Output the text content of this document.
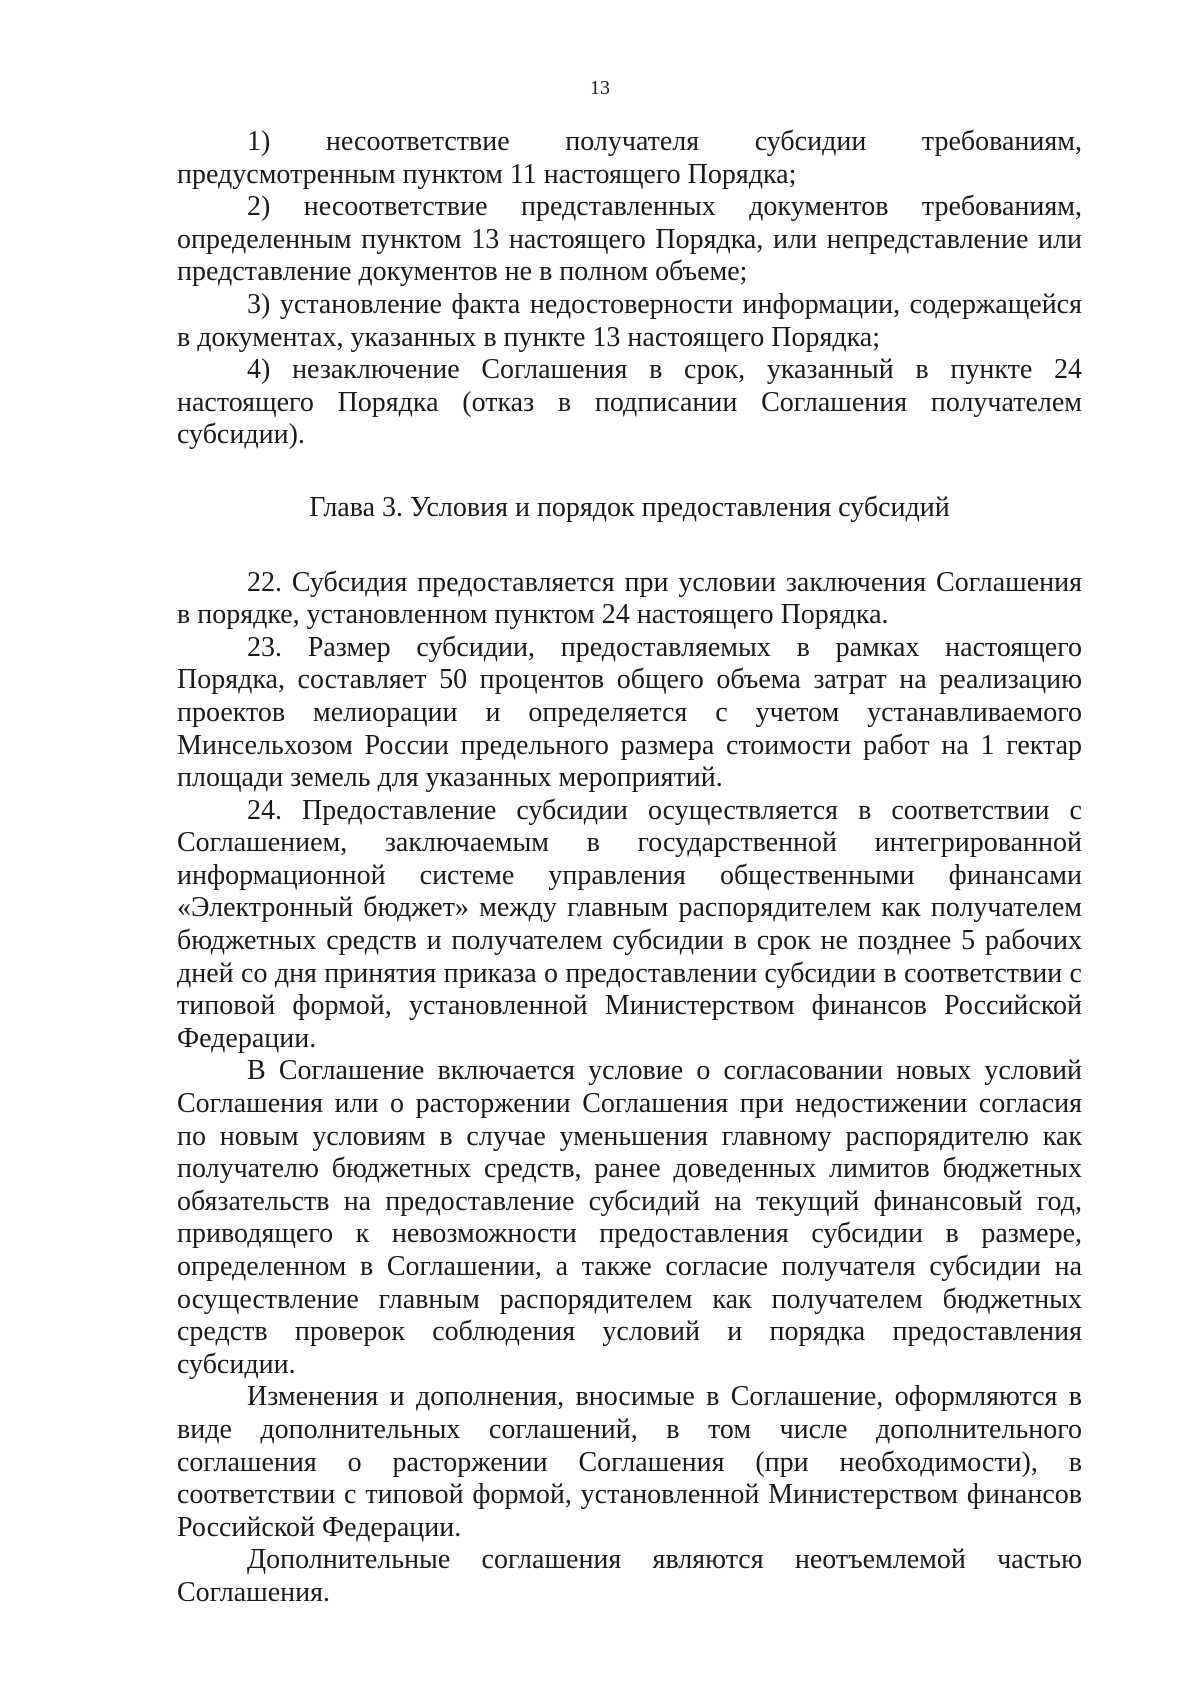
13

1) несоответствие получателя субсидии требованиям, предусмотренным пунктом 11 настоящего Порядка;

2) несоответствие представленных документов требованиям, определенным пунктом 13 настоящего Порядка, или непредставление или представление документов не в полном объеме;

3) установление факта недостоверности информации, содержащейся в документах, указанных в пункте 13 настоящего Порядка;

4) незаключение Соглашения в срок, указанный в пункте 24 настоящего Порядка (отказ в подписании Соглашения получателем субсидии).

Глава 3. Условия и порядок предоставления субсидий

22. Субсидия предоставляется при условии заключения Соглашения в порядке, установленном пунктом 24 настоящего Порядка.

23. Размер субсидии, предоставляемых в рамках настоящего Порядка, составляет 50 процентов общего объема затрат на реализацию проектов мелиорации и определяется с учетом устанавливаемого Минсельхозом России предельного размера стоимости работ на 1 гектар площади земель для указанных мероприятий.

24. Предоставление субсидии осуществляется в соответствии с Соглашением, заключаемым в государственной интегрированной информационной системе управления общественными финансами «Электронный бюджет» между главным распорядителем как получателем бюджетных средств и получателем субсидии в срок не позднее 5 рабочих дней со дня принятия приказа о предоставлении субсидии в соответствии с типовой формой, установленной Министерством финансов Российской Федерации.

В Соглашение включается условие о согласовании новых условий Соглашения или о расторжении Соглашения при недостижении согласия по новым условиям в случае уменьшения главному распорядителю как получателю бюджетных средств, ранее доведенных лимитов бюджетных обязательств на предоставление субсидий на текущий финансовый год, приводящего к невозможности предоставления субсидии в размере, определенном в Соглашении, а также согласие получателя субсидии на осуществление главным распорядителем как получателем бюджетных средств проверок соблюдения условий и порядка предоставления субсидии.

Изменения и дополнения, вносимые в Соглашение, оформляются в виде дополнительных соглашений, в том числе дополнительного соглашения о расторжении Соглашения (при необходимости), в соответствии с типовой формой, установленной Министерством финансов Российской Федерации.

Дополнительные соглашения являются неотъемлемой частью Соглашения.
